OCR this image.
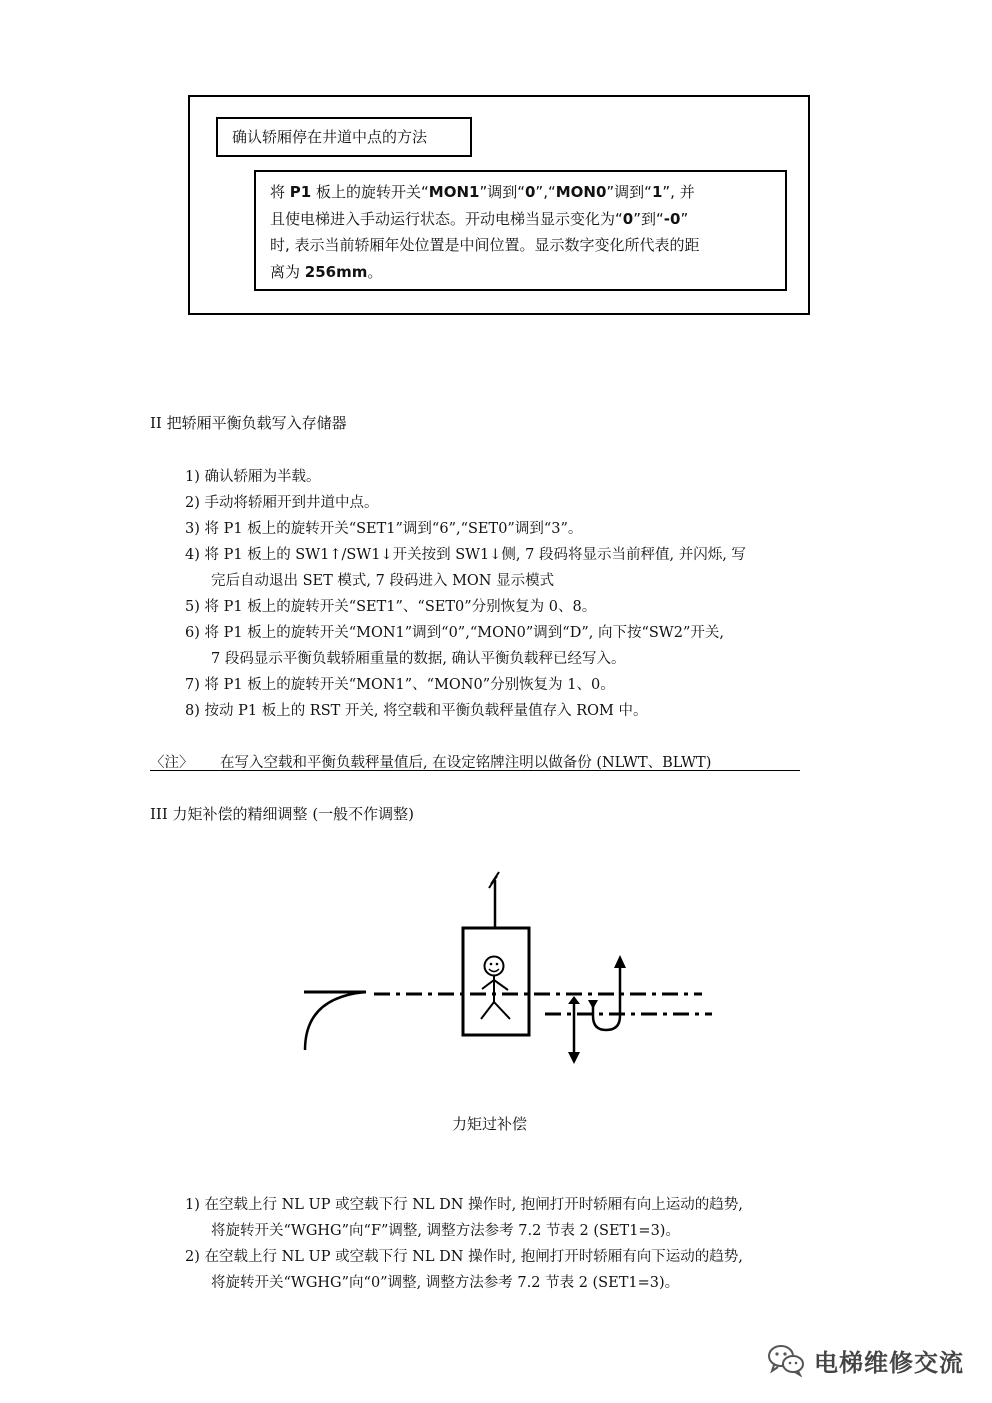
确认轿厢停在井道中点的方法

将 P1 板上的旋转开关“MON1”调到“0”,“MON0”调到“1”, 并

且使电梯进入手动运行状态。开动电梯当显示变化为“0”到“-0”

时, 表示当前轿厢年处位置是中间位置。显示数字变化所代表的距

离为 256mm。

II 把轿厢平衡负载写入存储器
1) 确认轿厢为半载。
2) 手动将轿厢开到井道中点。
3) 将 P1 板上的旋转开关“SET1”调到“6”,“SET0”调到“3”。
4) 将 P1 板上的 SW1↑/SW1↓开关按到 SW1↓侧, 7 段码将显示当前秤值, 并闪烁, 写
完后自动退出 SET 模式, 7 段码进入 MON 显示模式
5) 将 P1 板上的旋转开关“SET1”、“SET0”分别恢复为 0、8。
6) 将 P1 板上的旋转开关“MON1”调到“0”,“MON0”调到“D”, 向下按“SW2”开关,
7 段码显示平衡负载轿厢重量的数据, 确认平衡负载秤已经写入。
7) 将 P1 板上的旋转开关“MON1”、“MON0”分别恢复为 1、0。
8) 按动 P1 板上的 RST 开关, 将空载和平衡负载秤量值存入 ROM 中。
〈注〉 在写入空载和平衡负载秤量值后, 在设定铭牌注明以做备份 (NLWT、BLWT)
III 力矩补偿的精细调整 (一般不作调整)
力矩过补偿
1) 在空载上行 NL UP 或空载下行 NL DN 操作时, 抱闸打开时轿厢有向上运动的趋势,
将旋转开关“WGHG”向“F”调整, 调整方法参考 7.2 节表 2 (SET1=3)。
2) 在空载上行 NL UP 或空载下行 NL DN 操作时, 抱闸打开时轿厢有向下运动的趋势,
将旋转开关“WGHG”向“0”调整, 调整方法参考 7.2 节表 2 (SET1=3)。
电梯维修交流
